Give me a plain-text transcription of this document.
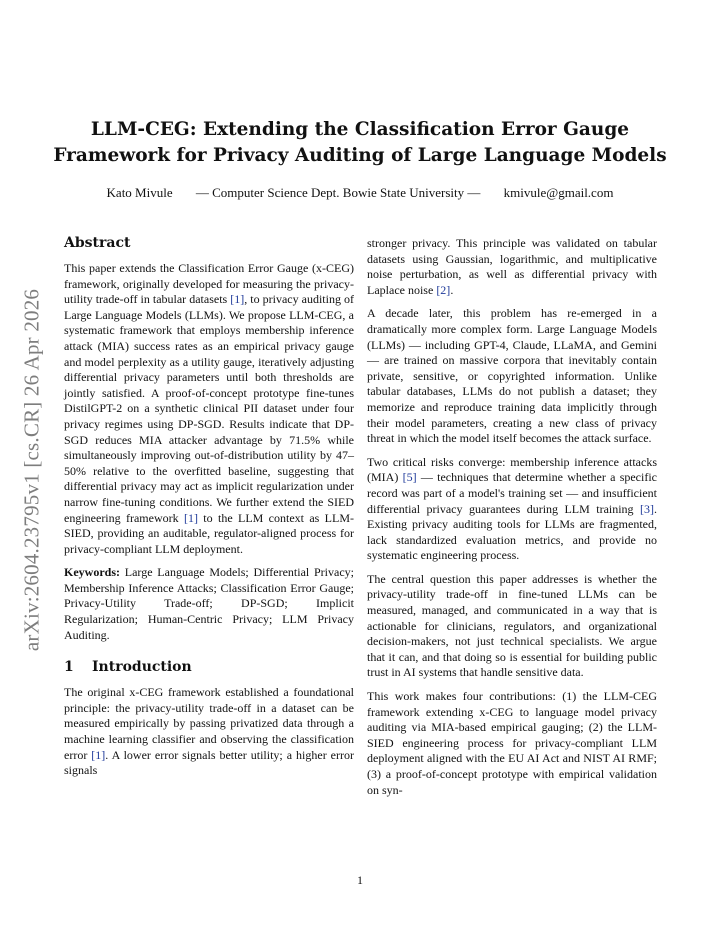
LLM-CEG: Extending the Classification Error Gauge
Framework for Privacy Auditing of Large Language Models
Kato Mivule — Computer Science Dept. Bowie State University — kmivule@gmail.com
arXiv:2604.23795v1 [cs.CR] 26 Apr 2026
Abstract

This paper extends the Classification Error Gauge (x-CEG) framework, originally developed for measuring the privacy-utility trade-off in tabular datasets [1], to privacy auditing of Large Language Models (LLMs). We propose LLM-CEG, a systematic framework that employs membership inference attack (MIA) success rates as an empirical privacy gauge and model perplexity as a utility gauge, iteratively adjusting differential privacy parameters until both thresholds are jointly satisfied. A proof-of-concept prototype fine-tunes DistilGPT-2 on a synthetic clinical PII dataset under four privacy regimes using DP-SGD. Results indicate that DP-SGD reduces MIA attacker advantage by 71.5% while simultaneously improving out-of-distribution utility by 47–50% relative to the overfitted baseline, suggesting that differential privacy may act as implicit regularization under narrow fine-tuning conditions. We further extend the SIED engineering framework [1] to the LLM context as LLM-SIED, providing an auditable, regulator-aligned process for privacy-compliant LLM deployment.

Keywords: Large Language Models; Differential Privacy; Membership Inference Attacks; Classification Error Gauge; Privacy-Utility Trade-off; DP-SGD; Implicit Regularization; Human-Centric Privacy; LLM Privacy Auditing.

1 Introduction

The original x-CEG framework established a foundational principle: the privacy-utility trade-off in a dataset can be measured empirically by passing privatized data through a machine learning classifier and observing the classification error [1]. A lower error signals better utility; a higher error signals

stronger privacy. This principle was validated on tabular datasets using Gaussian, logarithmic, and multiplicative noise perturbation, as well as differential privacy with Laplace noise [2].

A decade later, this problem has re-emerged in a dramatically more complex form. Large Language Models (LLMs) — including GPT-4, Claude, LLaMA, and Gemini — are trained on massive corpora that inevitably contain private, sensitive, or copyrighted information. Unlike tabular databases, LLMs do not publish a dataset; they memorize and reproduce training data implicitly through their model parameters, creating a new class of privacy threat in which the model itself becomes the attack surface.

Two critical risks converge: membership inference attacks (MIA) [5] — techniques that determine whether a specific record was part of a model's training set — and insufficient differential privacy guarantees during LLM training [3]. Existing privacy auditing tools for LLMs are fragmented, lack standardized evaluation metrics, and provide no systematic engineering process.

The central question this paper addresses is whether the privacy-utility trade-off in fine-tuned LLMs can be measured, managed, and communicated in a way that is actionable for clinicians, regulators, and organizational decision-makers, not just technical specialists. We argue that it can, and that doing so is essential for building public trust in AI systems that handle sensitive data.

This work makes four contributions: (1) the LLM-CEG framework extending x-CEG to language model privacy auditing via MIA-based empirical gauging; (2) the LLM-SIED engineering process for privacy-compliant LLM deployment aligned with the EU AI Act and NIST AI RMF; (3) a proof-of-concept prototype with empirical validation on syn-

1
